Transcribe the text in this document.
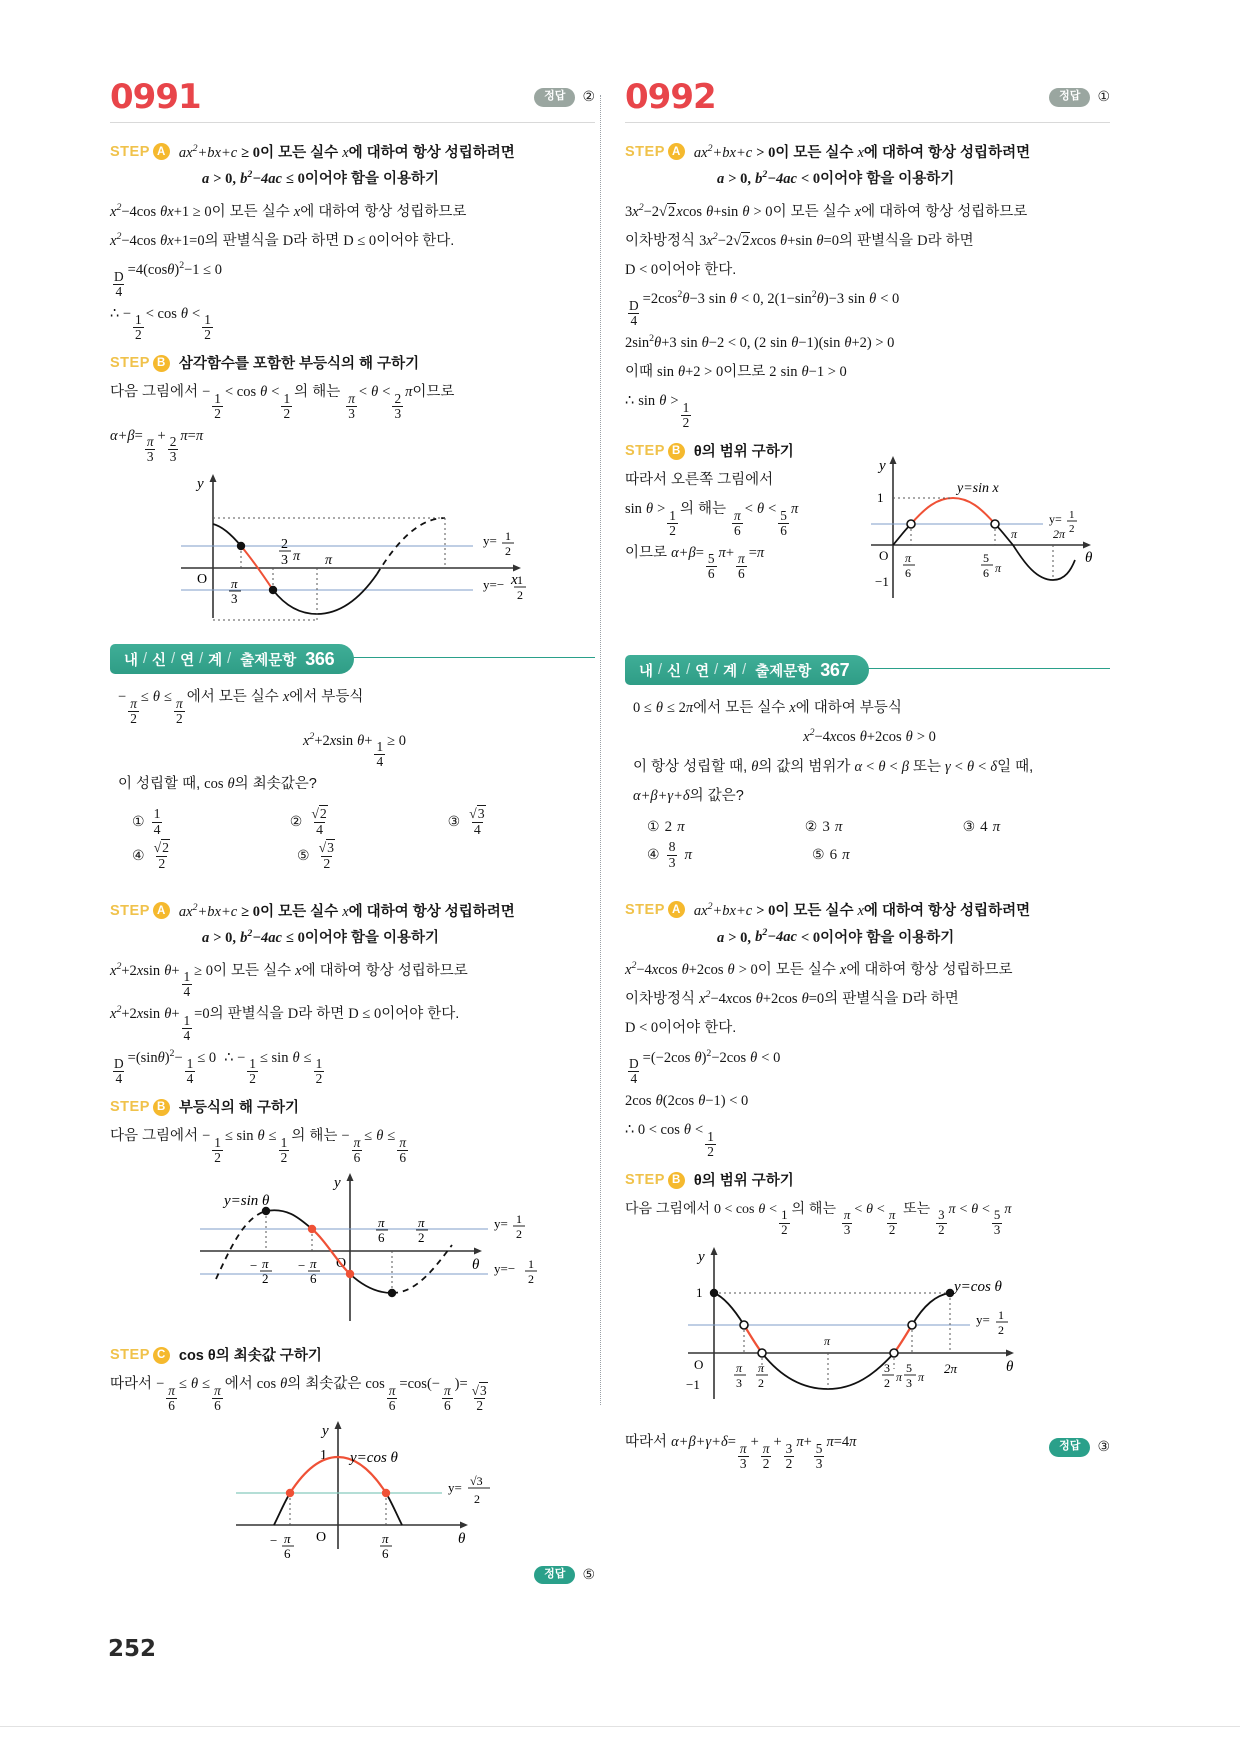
0991	정답	②
STEP A $ax^2+bx+c \ge 0$이 모든 실수 x에 대하여 항상 성립하려면
a > 0, $b^2-4ac \le 0$이어야 함을 이용하기
$x^2-4\cos$ θx+1 ≥ 0이 모든 실수 x에 대하여 항상 성립하므로
$x^2-4\cos$ θx+1=0의 판별식을 D라 하면 D ≤ 0이어야 한다.
$\frac{D}{4} =4(\cos\theta)^2-1 \le 0$
∴ − $\frac{1}{2} < \cos \theta < \frac{1}{2}$
STEP B 삼각함수를 포함한 부등식의 해 구하기
다음 그림에서 − $\frac{1}{2} < \cos \theta < \frac{1}{2}$ 의 해는 $\frac{\pi}{3} < \theta < \frac{2}{3}$ π이므로
$\alpha+\beta= \frac{\pi}{3} + \frac{2}{3} \pi=\pi$
y
x
O
y= 1
2
y=− 1
2
π
3
2
3 π π
내 / 신 / 연 / 계 / 출제문항 366
− $\frac{\pi}{2} \le \theta \le \frac{\pi}{2}$ 에서 모든 실수 x에서 부등식
$x^2+2xsin$ $\theta+ \frac{1}{4} \ge 0$
이 성립할 때, cos θ의 최솟값은?
① $\frac{1}{4}$	② $\frac{√2}{4}$	③ $\frac{√3}{4}$
④ $\frac{√2}{2}$	⑤ $\frac{√3}{2}$
STEP A $ax^2+bx+c \ge 0$이 모든 실수 x에 대하여 항상 성립하려면
a > 0, $b^2-4ac \le 0$이어야 함을 이용하기
$x^2+2xsin$ $\theta+ \frac{1}{4} \ge 0$이 모든 실수 x에 대하여 항상 성립하므로
$x^2+2xsin$ $\theta+ \frac{1}{4} =0$의 판별식을 D라 하면 D ≤ 0이어야 한다.
$\frac{D}{4} =(\sin\theta)^2- \frac{1}{4} \le 0$ ∴ − $\frac{1}{2} \le \sin \theta \le \frac{1}{2}$
STEP B 부등식의 해 구하기
다음 그림에서 − $\frac{1}{2} \le \sin \theta \le \frac{1}{2}$ 의 해는 − $\frac{\pi}{6} \le \theta \le \frac{\pi}{6}$
y
θ
O
y= 1
2
y=− 1
2
y=sin θ
− π
2
− π
6
π
6
π
2
STEP C cos θ의 최솟값 구하기
따라서 − $\frac{\pi}{6} \le \theta \le \frac{\pi}{6}$ 에서 cos θ의 최솟값은 $\cos \frac{\pi}{6} =\cos(- \frac{\pi}{6}$ )= $\frac{√3}{2}$
y
θ
O
1
y= √3
2
y=cos θ
− π
6
π
6
정답	⑤
0992	정답	①
STEP A $ax^2+bx+c > 0$이 모든 실수 x에 대하여 항상 성립하려면
a > 0, $b^2-4ac < 0$이어야 함을 이용하기
$3x^2-2√2xcos$ θ+sin θ > 0이 모든 실수 x에 대하여 항상 성립하므로
이차방정식 $3x^2-2√2xcos$ θ+sin θ=0의 판별식을 D라 하면
D < 0이어야 한다.
$\frac{D}{4} =2\cos^2\theta-3$ sin θ < 0, $2(1-\sin^2\theta)-3$ sin θ < 0
$2\sin^2\theta+3$ sin θ−2 < 0, (2 sin θ−1)(sin θ+2) > 0
이때 sin θ+2 > 0이므로 2 sin θ−1 > 0
∴ $\sin \theta > \frac{1}{2}$
STEP B θ의 범위 구하기
따라서 오른쪽 그림에서
$\sin \theta > \frac{1}{2}$ 의 해는 $\frac{\pi}{6} < \theta < \frac{5}{6}$ π
이므로 $\alpha+\beta= \frac{5}{6} \pi+ \frac{\pi}{6} =\pi$
y
θ
O
1
y= 1
2
y=sin x
π
6
5
6 π
π	2π
−1
내 / 신 / 연 / 계 / 출제문항 367
0 ≤ θ ≤ 2π에서 모든 실수 x에 대하여 부등식
$x^2-4xcos$ θ+2cos θ > 0
이 항상 성립할 때, θ의 값의 범위가 α < θ < β 또는 γ < θ < δ일 때,
α+β+γ+δ의 값은?
① 2 π	② 3 π	③ 4 π
④ $\frac{8}{3}$ π	⑤ 6 π
STEP A $ax^2+bx+c > 0$이 모든 실수 x에 대하여 항상 성립하려면
a > 0, $b^2-4ac < 0$이어야 함을 이용하기
$x^2-4xcos$ θ+2cos θ > 0이 모든 실수 x에 대하여 항상 성립하므로
이차방정식 $x^2-4xcos$ θ+2cos θ=0의 판별식을 D라 하면
D < 0이어야 한다.
$\frac{D}{4} =(-2\cos$ θ)$^2$−2cos θ < 0
2cos θ(2cos θ−1) < 0
∴ $0 < \cos \theta < \frac{1}{2}$
STEP B θ의 범위 구하기
다음 그림에서 $0 < \cos \theta < \frac{1}{2}$
의 해는
$\frac{\pi}{3} < \theta < \frac{\pi}{2}$
또는
$\frac{3}{2}$ $\pi < \theta < \frac{5}{3}$ π
y
θ
O
1
−1
y= 1
2
y=cos θ
π
3
π
2
π
3
2 π
5
3 π
2π
따라서 $\alpha+\beta+\gamma+\delta= \frac{\pi}{3} + \frac{\pi}{2} + \frac{3}{2} \pi+ \frac{5}{3} \pi=4\pi$	정답	③
252
